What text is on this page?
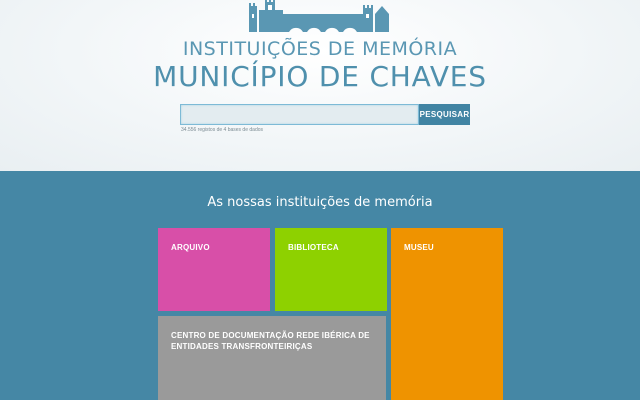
INSTITUIÇÕES DE MEMÓRIA
MUNICÍPIO DE CHAVES
PESQUISAR
34.556 registos de 4 bases de dados
As nossas instituições de memória
ARQUIVO	BIBLIOTECA	MUSEU
CENTRO DE DOCUMENTAÇÃO REDE IBÉRICA DE ENTIDADES TRANSFRONTEIRIÇAS
